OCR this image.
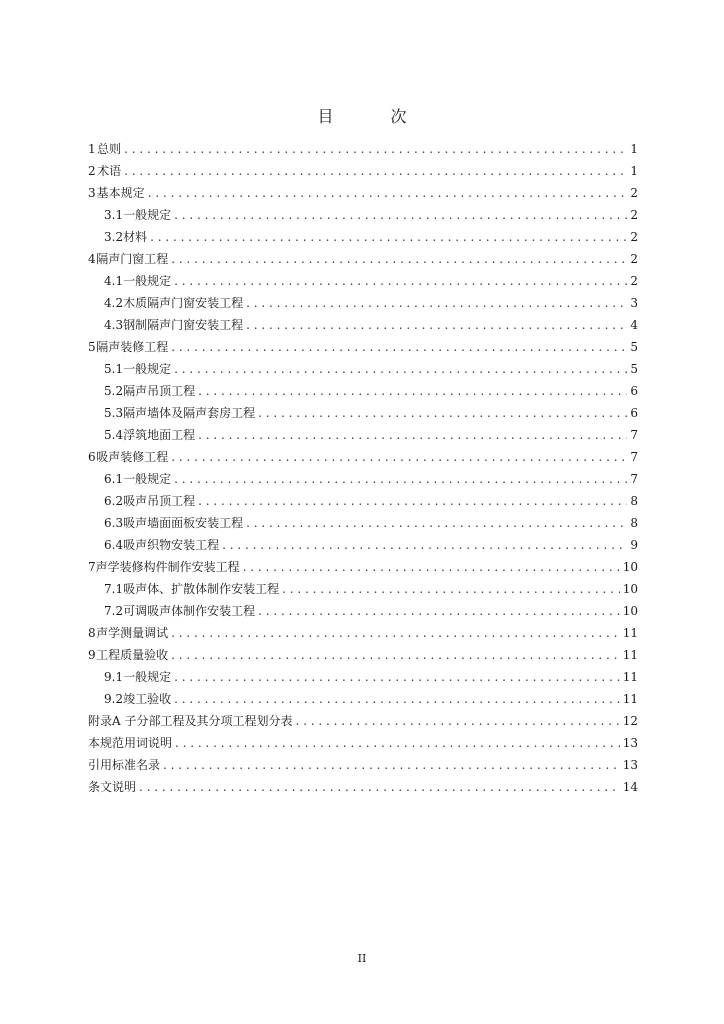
目 次
1 总则 . . .	1
2 术语 . . .	1
3 基本规定 . . .	2
3.1 一般规定 . . .	2
3.2 材料 . . .	2
4 隔声门窗工程 . . .	2
4.1 一般规定 . . .	2
4.2 木质隔声门窗安装工程 . . .	3
4.3 钢制隔声门窗安装工程 . . .	4
5 隔声装修工程 . . .	5
5.1 一般规定 . . .	5
5.2 隔声吊顶工程 . . .	6
5.3 隔声墙体及隔声套房工程 . . .	6
5.4 浮筑地面工程 . . .	7
6 吸声装修工程 . . .	7
6.1 一般规定 . . .	7
6.2 吸声吊顶工程 . . .	8
6.3 吸声墙面面板安装工程 . . .	8
6.4 吸声织物安装工程 . . .	9
7 声学装修构件制作安装工程 . . .	10
7.1 吸声体、扩散体制作安装工程 . . .	10
7.2 可调吸声体制作安装工程 . . .	10
8 声学测量调试 . . .	11
9 工程质量验收 . . .	11
9.1 一般规定 . . .	11
9.2 竣工验收 . . .	11
附录A 子分部工程及其分项工程划分表 . . .	12
本规范用词说明 . . .	13
引用标准名录 . . .	13
条文说明 . . .	14
II
